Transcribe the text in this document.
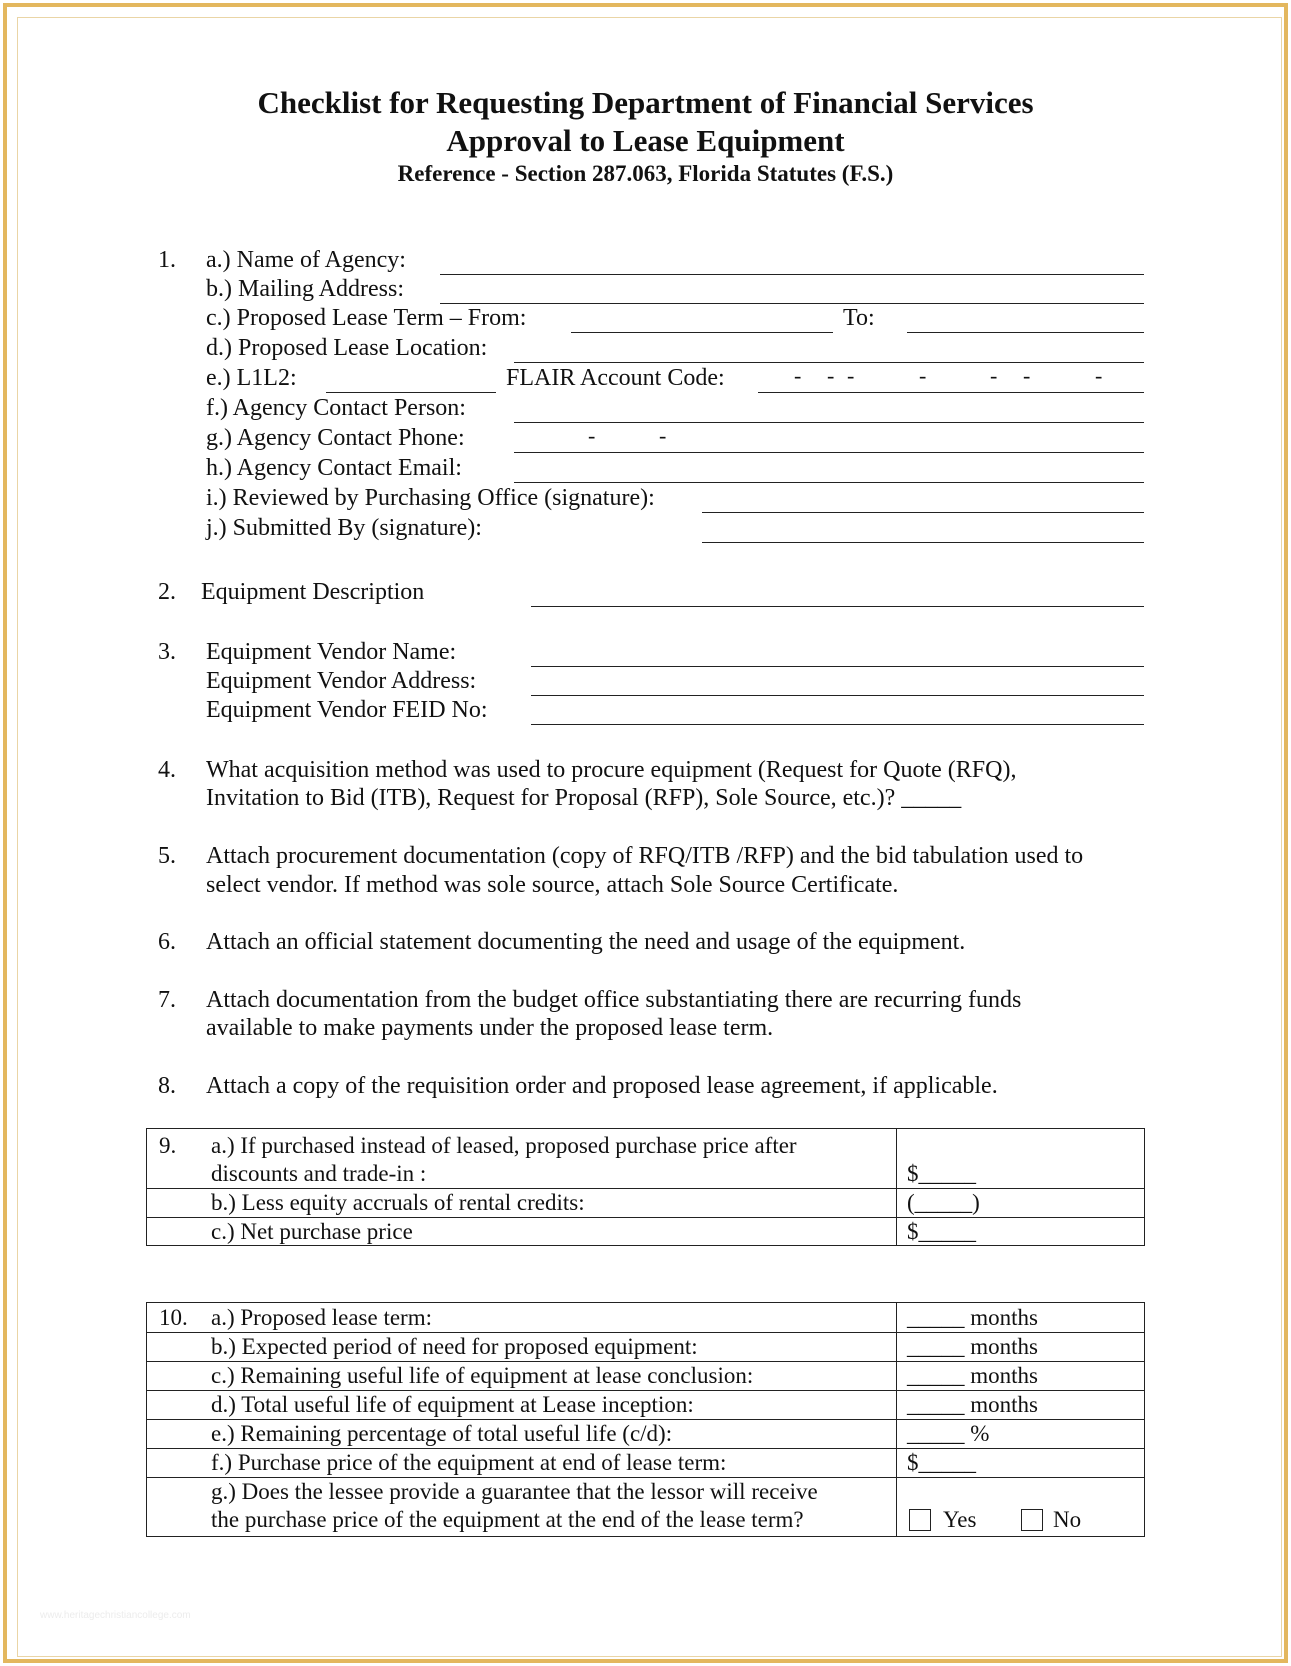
Checklist for Requesting Department of Financial Services
Approval to Lease Equipment
Reference - Section 287.063, Florida Statutes (F.S.)
1. a.) Name of Agency:
b.) Mailing Address:
c.) Proposed Lease Term – From:	To:
d.) Proposed Lease Location:
e.) L1L2:	FLAIR Account Code:	- - -	-	- -	-
f.) Agency Contact Person:
g.) Agency Contact Phone:	-	-
h.) Agency Contact Email:
i.) Reviewed by Purchasing Office (signature):
j.) Submitted By (signature):
2. Equipment Description
3. Equipment Vendor Name:
Equipment Vendor Address:
Equipment Vendor FEID No:
4. What acquisition method was used to procure equipment (Request for Quote (RFQ),
Invitation to Bid (ITB), Request for Proposal (RFP), Sole Source, etc.)? _____
5. Attach procurement documentation (copy of RFQ/ITB /RFP) and the bid tabulation used to
select vendor. If method was sole source, attach Sole Source Certificate.
6. Attach an official statement documenting the need and usage of the equipment.
7. Attach documentation from the budget office substantiating there are recurring funds
available to make payments under the proposed lease term.
8. Attach a copy of the requisition order and proposed lease agreement, if applicable.
9. a.) If purchased instead of leased, proposed purchase price after
discounts and trade-in :	$_____
b.) Less equity accruals of rental credits:	(_____)
c.) Net purchase price	$_____
10. a.) Proposed lease term:	_____ months
b.) Expected period of need for proposed equipment:	_____ months
c.) Remaining useful life of equipment at lease conclusion:	_____ months
d.) Total useful life of equipment at Lease inception:	_____ months
e.) Remaining percentage of total useful life (c/d):	_____ %
f.) Purchase price of the equipment at end of lease term:	$_____
g.) Does the lessee provide a guarantee that the lessor will receive
the purchase price of the equipment at the end of the lease term?	Yes	No
www.heritagechristiancollege.com
